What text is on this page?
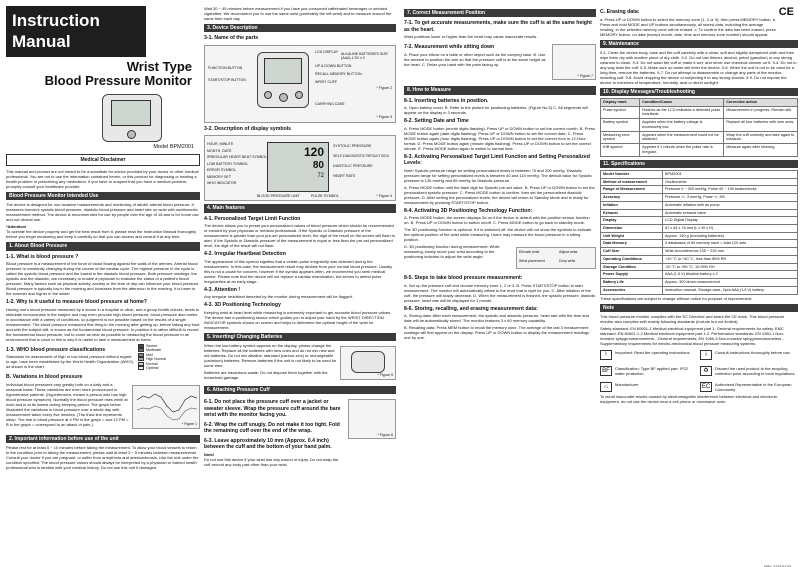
Instruction Manual
Wrist Type
Blood Pressure Monitor
Model BPM2001
Medical Disclaimer
This manual and product are not meant to be a substitute for advice provided by your doctor or other medical professional. You are not to use the information contained herein, or this product for diagnosing or treating a health problem or prescribing any medication. If you have or suspect that you have a medical problem, promptly consult your healthcare provider.
Blood Pressure Monitor Intended Use
The device is designed for non-invasive measurements and monitoring of adults' arterial blood pressure. It measures human's systolic blood pressure, diastolic blood pressure and heart rate on wrist with oscillometric measurement method. The device is recommended for use by people over the age of 18 and is for home use and not clinical use.
*Attention!
To operate the device properly and get the best result from it, please read the Instruction Manual thoroughly before you begin measuring and keep it carefully so that you can access and consult it at any time.
1. About Blood Pressure
1-1. What is blood pressure ?
Blood pressure is a measurement of the force of blood flowing against the walls of the arteries. Arterial blood pressure is constantly changing during the course of the cardiac cycle. The highest pressure in the cycle is called the systolic blood pressure and the lowest is the diastolic blood pressure. Both pressure readings, the systolic and the diastolic, are necessary to enable a physician to evaluate the status of a patient's blood pressure. Many factors such as physical activity, anxiety or the time of day can influence your blood pressure. Blood pressure is typically low in the morning and increases from the afternoon to the evening. It is lower in the summer and higher in the winter.
1-2. Why is it useful to measure blood pressure at home?
Having one's blood pressure measured by a doctor in a hospital or clinic, and a group health checks, tends to stimulate nervousness in the subject and may even provoke high blood pressure, blood pressure also varies in accordance with a variety of conditions, so judgment is not possible based on the results of a single measurement. The blood pressure measured first thing in the morning after getting up, before taking any food and with the subject still, is known as the fundamental blood pressure. In practice it is rather difficult to record the fundamental blood pressure, but to come as near as possible to measuring the blood pressure in an environment that is close to this is why it is useful to take a measurement at home.
1-3. WHO blood pressure classifications
Standards for assessment of high or low blood pressure without regard to age, have been established by the World Health Organization (WHO), as shown in the chart.
Severe
Moderate
Mild
High Normal
Normal
Optimal
B. Variations in blood pressure
Individual blood pressures vary greatly both on a daily and a seasonal basis. These variations are even more pronounced in hypertensive patients. (Hypertension, means a person who has high blood pressure symptom). Normally the blood pressure rises while at work and is at its lowest during sleeping period. The graph below illustrated the variations in blood pressure over a whole day with measurement taken every five minutes. (The thick line represents sleep. The rise in blood pressure at 4 PM in the graph = and 12 PM = B in the graph = correspond to an attack of pain.)	* Figure 1
2. Important information before use of the unit
Please rest for at least 5 ~ 10 minutes before taking the measurement. To allow your blood vessels to return to the condition prior to taking the measurement, please wait at least 3 ~ 5 minutes between measurements. Consult your doctor if you are pregnant, or suffer from arrhythmia and arteriosclerosis. Use the unit under the condition specified. The blood pressure values should always be interpreted by a physician or trained health professional who is familiar with your medical history. Do not use this unit if damaged.
Wait 30 ~ 45 minutes before measurement if you have just consumed caffeinated beverages or smoked cigarettes. We recommend you to use the same wrist (preferably the left wrist) and to measure around the same time each day.
3. Device Description
3-1. Name of the parts
LCD DISPLAY
FUNCTION BUTTON
START/STOP BUTTON
UP & DOWN BUTTON
RECALL MEMORY BUTTON
WRIST CUFF
ALKALINE BATTERIES SIZE (AAA) 1.5V x 2
CARRYING CASE
* Figure 2
* Figure 3
3-2. Description of display symbols
120
80
72
HOUR, MINUTE
MONTH, DATE
IRREGULAR HEART BEAT SYMBOL
LOW BATTERY SYMBOL
ERROR SYMBOL
MEMORY SET
WHO INDICATOR
SYSTOLIC PRESSURE
SELF-DIAGNOSTIC RESULT BOX
DIASTOLIC PRESSURE
HEART RATE
BLOOD PRESSURE UNIT	PULSE SYMBOL	* Figure 4
4. Main features
4-1. Personalized Target Limit Function
The device allows you to preset your personalized values of blood pressure which should be recommended or created by your physician or medical professional. If the Systolic or Diastolic pressure of the measurement is greater than your pre-set personalized level, the digit of the result on the screen will flash to alert. If the Systolic or Diastolic pressure of the measurement is equal or less than the pre-set personalized level, the digit of the result will not flash.
4-2. Irregular Heartbeat Detection
The appearance of this symbol signifies that a certain pulse irregularity was detected during the measurement. In this case, the measurement result may deviate from your normal blood pressure. Usually this is not a cause for concern, however if the symbol appears often, we recommend you seek medical advice. Please note that the device will not replace a cardiac examination, but serves to detect pulse irregularities at an early stage.
4-3. Attention !
Any irregular heartbeat detected by the monitor during measurement will be flagged.
4-3. 3D Positioning Technology
Keeping wrist at heart level while measuring is extremely important to get accurate blood pressure values. The device has a positioning sensor which guides you to adjust your hand by the WRIST DIRECTION INDICATOR symbols shown on screen and helps to determine the optimal height of the wrist for measurement.
5. Inserting/ Changing Batteries
When the low battery symbol appears on the display, please change the batteries. Replace all the batteries with new ones and do not mix new and old batteries. Do not mix alkaline, standard (carbon-zinc) or rechargeable (cadmium) batteries. Remove batteries if the unit is not likely to be used for some time.
Batteries are hazardous waste. Do not dispose them together with the household garbage.	* Figure 5
6. Attaching Pressure Cuff
6-1. Do not place the pressure cuff over a jacket or sweater sleeve. Wrap the pressure cuff around the bare wrist with the monitor facing you.
6-2. Wrap the cuff snugly. Do not make it too tight. Fold the remaining cuff over the end of the wrap.
6-3. Leave approximately 10 mm (Approx. 0.4 inch) between the cuff and the bottom of your hand palm.
Note!
Do not use this device if your wrist has any wound or injury. Do not wrap the cuff around any body part other than your wrist.
* Figure 6
7. Correct Measurement Position
7-1. To get accurate measurements, make sure the cuff is at the same height as the heart.
Wrist positions lower or higher than the heart may cause inaccurate results.
7-2. Measurement while sitting down
A. Place your elbow on a table or other object such as the carrying case. B. Use the armrest to position the arm so that the pressure cuff is at the same height as the heart. C. Relax your hand with the palm facing up.
* Figure 7
8. How to Measure
8-1. Inserting batteries in position.
A. Open battery cover. B. Refer to the picture for positioning batteries. (Figure No.5) C. All segments will appear on the display in 3 seconds.
8-2. Setting Date and Time
A. Press MODE button (month digits flashing). Press UP or DOWN button to set the correct month. B. Press MODE button again (date digits flashing). Press UP or DOWN button to set the correct date. C. Press MODE button again (hour digits flashing). Press UP or DOWN button to set the correct hour in 12-Hour format. D. Press MODE button again (minute digits flashing). Press UP or DOWN button to set the correct minute. E. Press MODE button again to switch to normal time.
8-3. Activating Personalized Target Limit Function and Setting Personalized Levels:
Note! Systolic pressure range for setting personalized levels is between 70 and 200 mmHg. Diastolic pressure range for setting personalized levels is between 40 and 115 mmHg. The default value for Systolic pressure is 135 mmHg and 85 mmHg for Diastolic pressure.
A. Press MODE button until the flash digit for Systolic pre-set value. B. Press UP or DOWN button to set the personalized systolic pressure. C. Press MODE button to confirm, then set the personalized diastolic pressure. D. After setting the personalized levels, the device will return to Standby Mode and is ready for measurement by pressing START/STOP button.
8-4. Activating 3D Positioning Technology Function:
A. Press MODE button, the screen displays 3d on if the device is default with the position sensor function on. B. Press UP or DOWN button to switch on/off. C. Press MODE button to go back to standby mode.
The 3D positioning function is optional. If it is switched off, the device will not show the symbols to indicate the optimal position of the wrist while measuring. Users may measure the blood pressure in a sitting position.
D. 3D positioning function during measurement: While measuring, slowly move your wrist according to the positioning indicator to adjust the wrist angle.
Elevate wrist	Adjust wrist
Wrist placement	Drop wrist
8-5. Steps to take blood pressure measurement:
A. Set up the pressure cuff and choose memory zone 1, 2 or 3. B. Press START/STOP button to start measurement. The monitor will automatically inflate to the level that is right for you. C. After inflation of the cuff, the pressure will slowly decrease. D. When the measurement is finished, the systolic pressure, diastolic pressure, heart rate will be displayed for 1 minute.
8-6. Storing, recalling, and erasing measurement data:
A. Storing data: After each measurement, the systolic and diastolic pressure, heart rate with the time and date will be automatically stored. The monitor features 3 x 60 memory capability.
B. Recalling data: Press MEM button to recall the memory zone. The average of the last 3 measurement readings will first appear on the display. Press UP or DOWN button to display the measurement readings one by one.
CE
C. Erasing data:
a. Press UP or DOWN button to select the memory zone (1, 2 or 3); then press MEMORY button. b. Press and hold MODE and UP buttons simultaneously, all stored data, including the average reading, in the selected memory zone will be erased. c. To confirm the data has been erased, press MEMORY button, no data (except month, date, time and memory zone number) should appear.
9. Maintenance
9-1. Clean the device body, case and the cuff carefully with a clean, soft and slightly dampened cloth and then wipe them dry with another piece of dry cloth. 9-2. Do not use thinner, alcohol, petrol (gasoline) or any strong cleaners to clean. 9-3. Do not wash the cuff or make it wet, and never use chemical cleaner on it. 9-4. Do not in any way twist the cuff. 9-5. Make sure no water will enter the device. 9-6. When the unit is not to be used for a long time, remove the batteries. 9-7. Do not attempt to disassemble or change any parts of the monitor, including cuff. 9-8. Avoid dropping the device or subjecting it to any strong shocks. 9-9. Do not expose the device to extremes of temperature, humidity, dust or direct sunlight.
10. Display Messages/Troubleshooting
Display mark	Condition/Cause	Corrective action
Pulse symbol	Flashes as the LCD indicates a detected pulse heartbeat.	Measurement in progress. Remain still.
Battery symbol	Appears when the battery voltage is excessively low.	Replace all four batteries with new ones.
Measuring error symbol	Appears when the measurement could not be obtained.	Wrap the cuff correctly and take again to measure.
IHB symbol	Appears if 1 minute when the pulse rate is irregular.	Measure again after relaxing.
11. Specifications
Model Number	BPM2001
Method of measurement	Oscillometric
Range of Measurement	Pressure 0 ~ 300 mmHg, Pulse 40 ~ 199 beats/minute
Accuracy	Pressure +/- 3 mmHg, Pulse +/- 5%
Inflation	Automatic inflation with air pump
Exhaust	Automatic exhaust valve
Display	LCD Digital Display
Dimension	87 x 64 x 76 mm (L x W x H)
Unit Weight	Approx. 140 g (excluding batteries)
Data Memory	3 databases of 60 memory each = total 120 sets
Cuff Size	Wrist circumference 135 ~ 215 mm
Operating Conditions	+10 °C to +40 °C, less than 85% RH
Storage Condition	-20 °C to +55 °C, 10-95% RH
Power Supply	AAA (1.5 V) Alkaline battery x 2
Battery Life	Approx. 300 times measurement
Accessories	Instruction manual, Storage case, 2pcs AAA (1.5 V) battery
These specifications are subject to change without notice for purpose of improvement.
Note
This blood pressure monitor complies with the EC Directive and bears the CE mark. This blood pressure monitor also complies with mainly following standards (include but not limited).
Safety standard: EN 60601-1 Medical electrical equipment part 1: General requirements for safety. EMC standard: EN 60601-1-2 Medical electrical equipment part 1-2. Performance standards: EN 1060-1 Non-invasive sphygmomanometers - General requirements; EN 1060-3 Non-invasive sphygmomanometers - Supplementary requirements for electro-mechanical blood pressure measuring systems.
!	Important: Read the operating instructions.	i	Consult instructions thoroughly before use.
BF	Classification: Type BF applied part. IP22 water protection.	♻	Discard the used product to the recycling collection point according to local regulations.
⌂	Manufacturer	EC	Authorized Representative in the European Community
To avoid inaccurate results caused by electromagnetic interference between electrical and electronic equipment, do not use the device near a cell phone or microwave oven.
P/N: 22310120.
